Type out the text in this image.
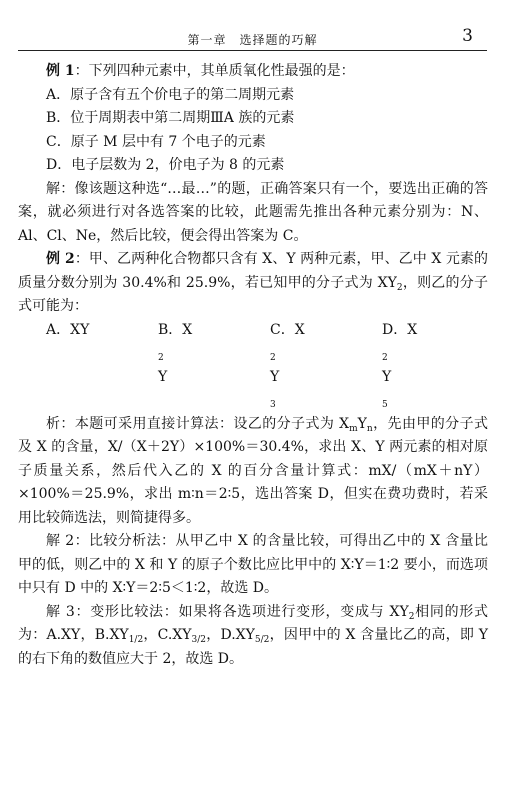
第一章　选择题的巧解	3

例 1：下列四种元素中，其单质氧化性最强的是：

A．原子含有五个价电子的第二周期元素

B．位于周期表中第二周期ⅢA 族的元素

C．原子 M 层中有 7 个电子的元素

D．电子层数为 2，价电子为 8 的元素

解：像该题这种选“…最…”的题，正确答案只有一个，要选出正确的答案，就必须进行对各选答案的比较，此题需先推出各种元素分别为：N、Al、Cl、Ne，然后比较，便会得出答案为 C。

例 2：甲、乙两种化合物都只含有 X、Y 两种元素，甲、乙中 X 元素的质量分数分别为 30.4%和 25.9%，若已知甲的分子式为 $XY_2$，则乙的分子式可能为：

A．XY	B．$X_2Y$
C．$X_2Y_3$
D．$X_2Y_5$

析：本题可采用直接计算法：设乙的分子式为 $X_mY_n$，先由甲的分子式及 X 的含量，X/（X＋2Y）×100%＝30.4%，求出 X、Y 两元素的相对原子质量关系，然后代入乙的 X 的百分含量计算式：mX/（mX＋nY）×100%＝25.9%，求出 m∶n＝2∶5，选出答案 D，但实在费功费时，若采用比较筛选法，则简捷得多。

解 2：比较分析法：从甲乙中 X 的含量比较，可得出乙中的 X 含量比甲的低，则乙中的 X 和 Y 的原子个数比应比甲中的 X∶Y＝1∶2 要小，而选项中只有 D 中的 X∶Y＝2∶5＜1∶2，故选 D。

解 3：变形比较法：如果将各选项进行变形，变成与 $XY_2$相同的形式为：A.XY，$B.XY_{1/2}$，$C.XY_{3/2}$，$D.XY_{5/2}$，因甲中的 X 含量比乙的高，即 Y 的右下角的数值应大于 2，故选 D。
